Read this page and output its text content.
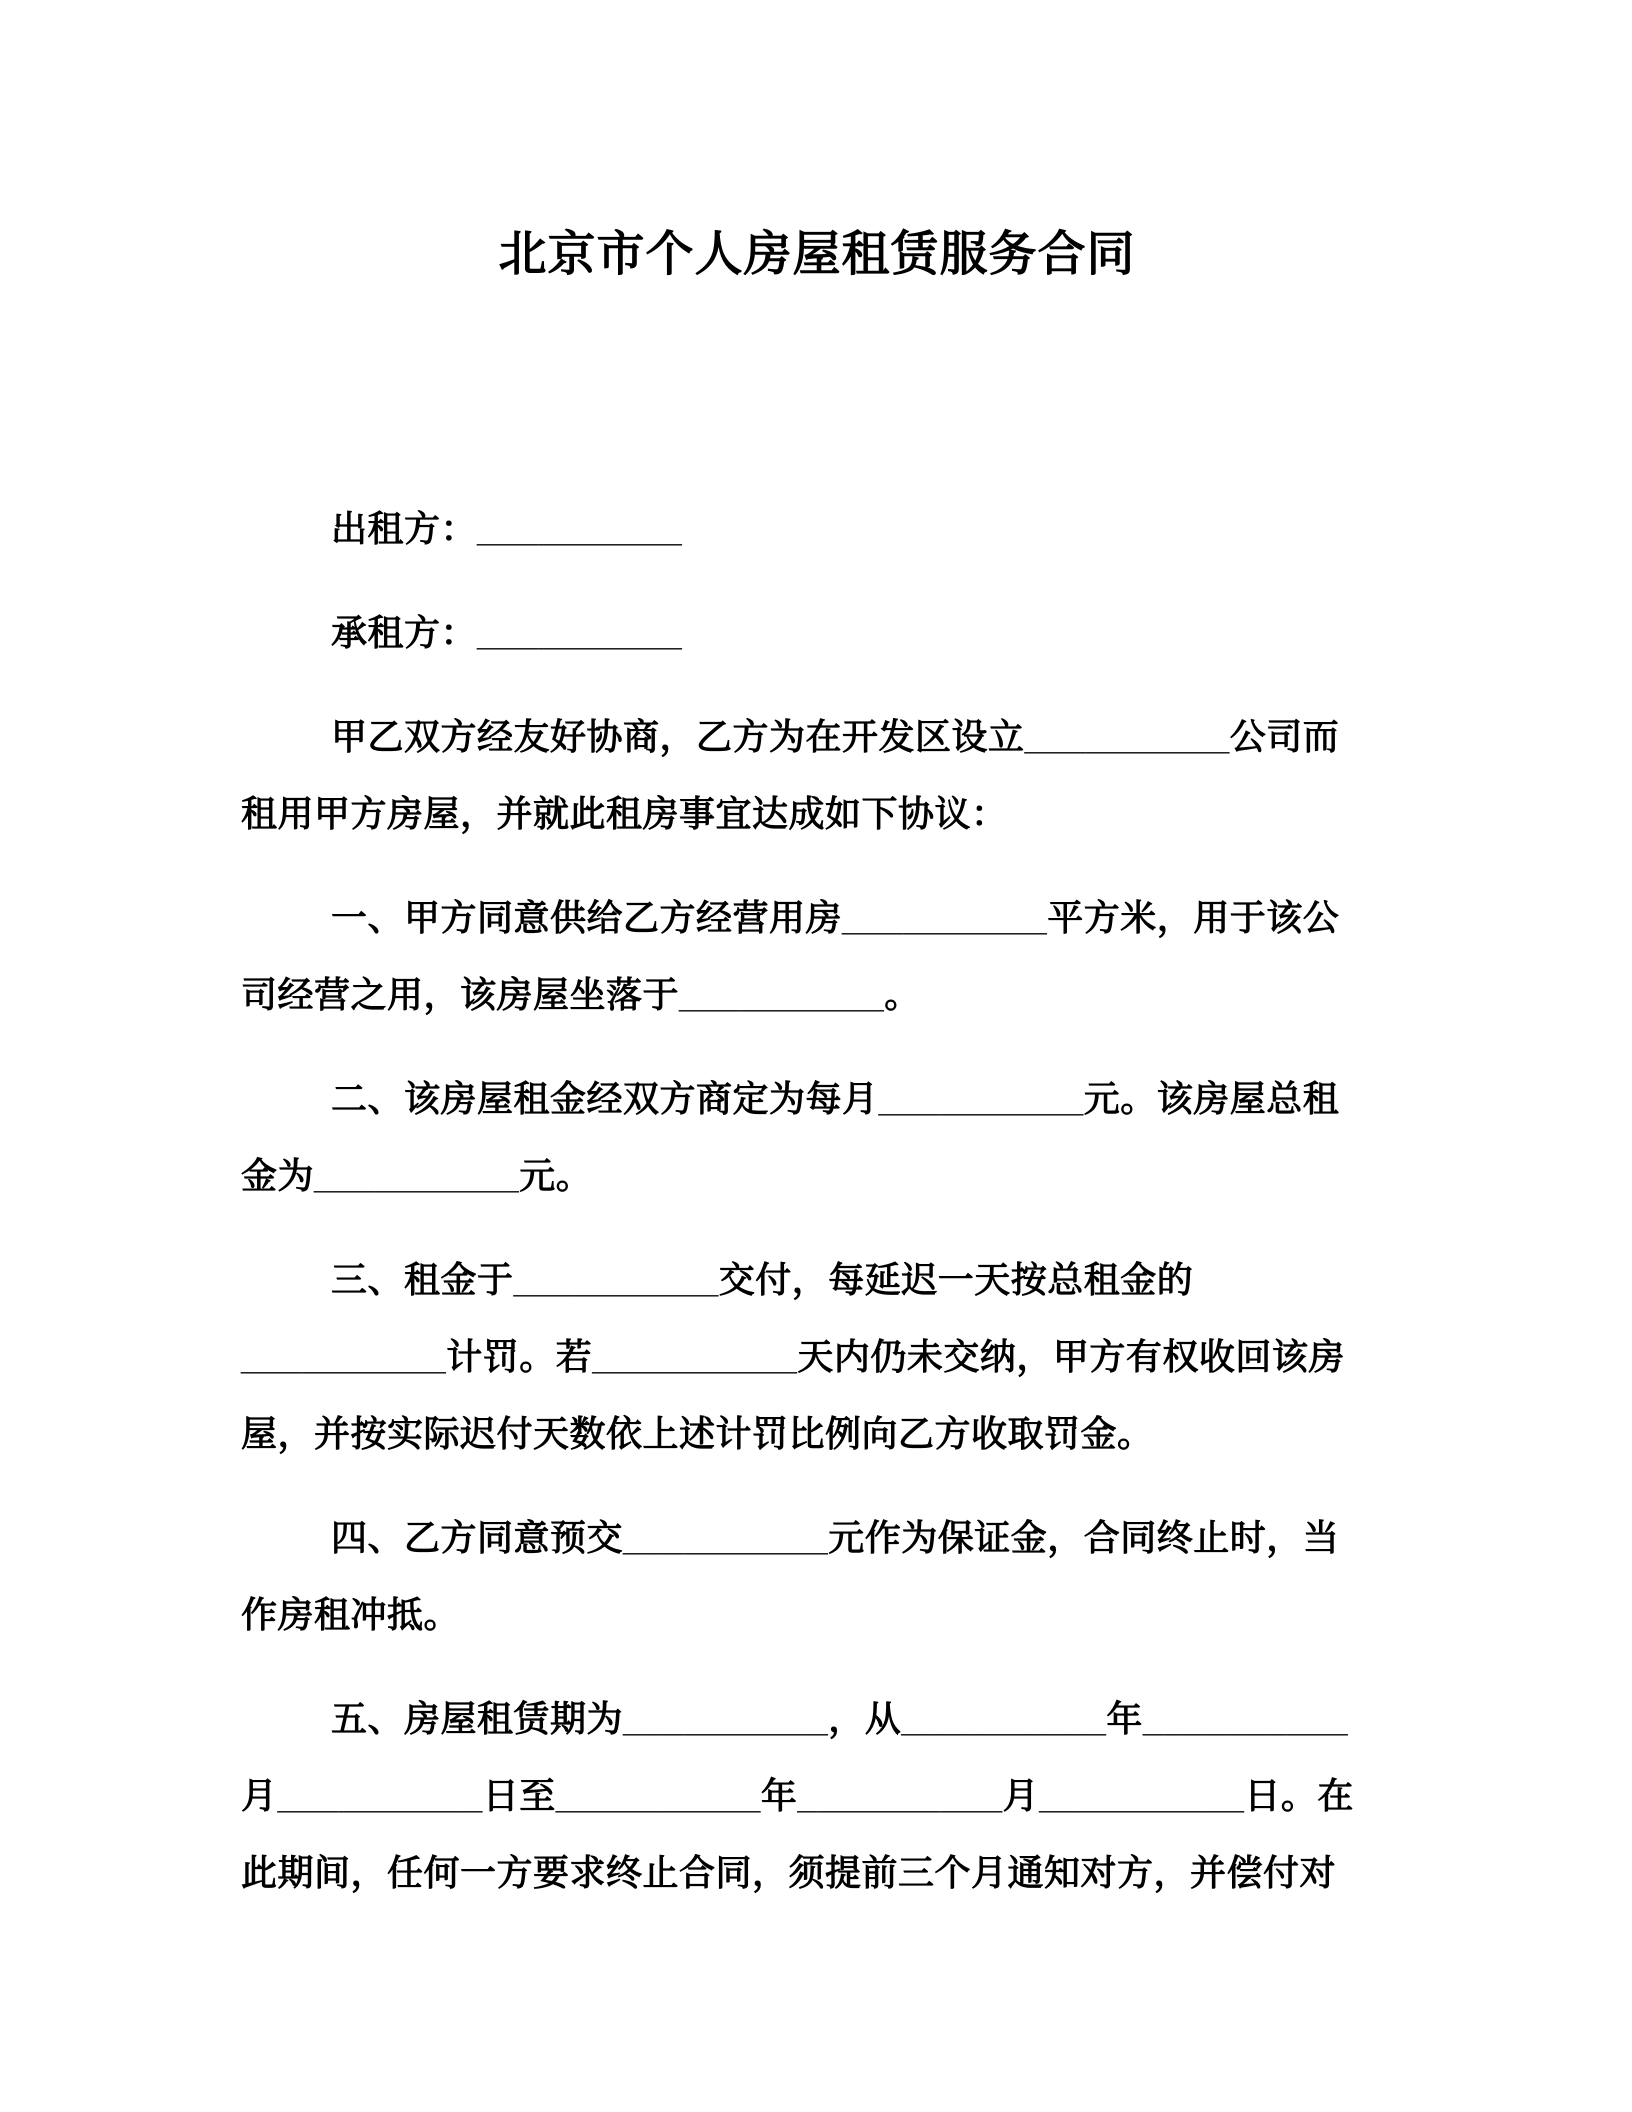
北京市个人房屋租赁服务合同

出租方：__________

承租方：__________

甲乙双方经友好协商，乙方为在开发区设立__________公司而
租用甲方房屋，并就此租房事宜达成如下协议：

一、甲方同意供给乙方经营用房__________平方米，用于该公
司经营之用，该房屋坐落于__________。

二、该房屋租金经双方商定为每月__________元。该房屋总租
金为__________元。

三、租金于__________交付，每延迟一天按总租金的
__________计罚。若__________天内仍未交纳，甲方有权收回该房
屋，并按实际迟付天数依上述计罚比例向乙方收取罚金。

四、乙方同意预交__________元作为保证金，合同终止时，当
作房租冲抵。

五、房屋租赁期为__________，从__________年__________
月__________日至__________年__________月__________日。在
此期间，任何一方要求终止合同，须提前三个月通知对方，并偿付对
